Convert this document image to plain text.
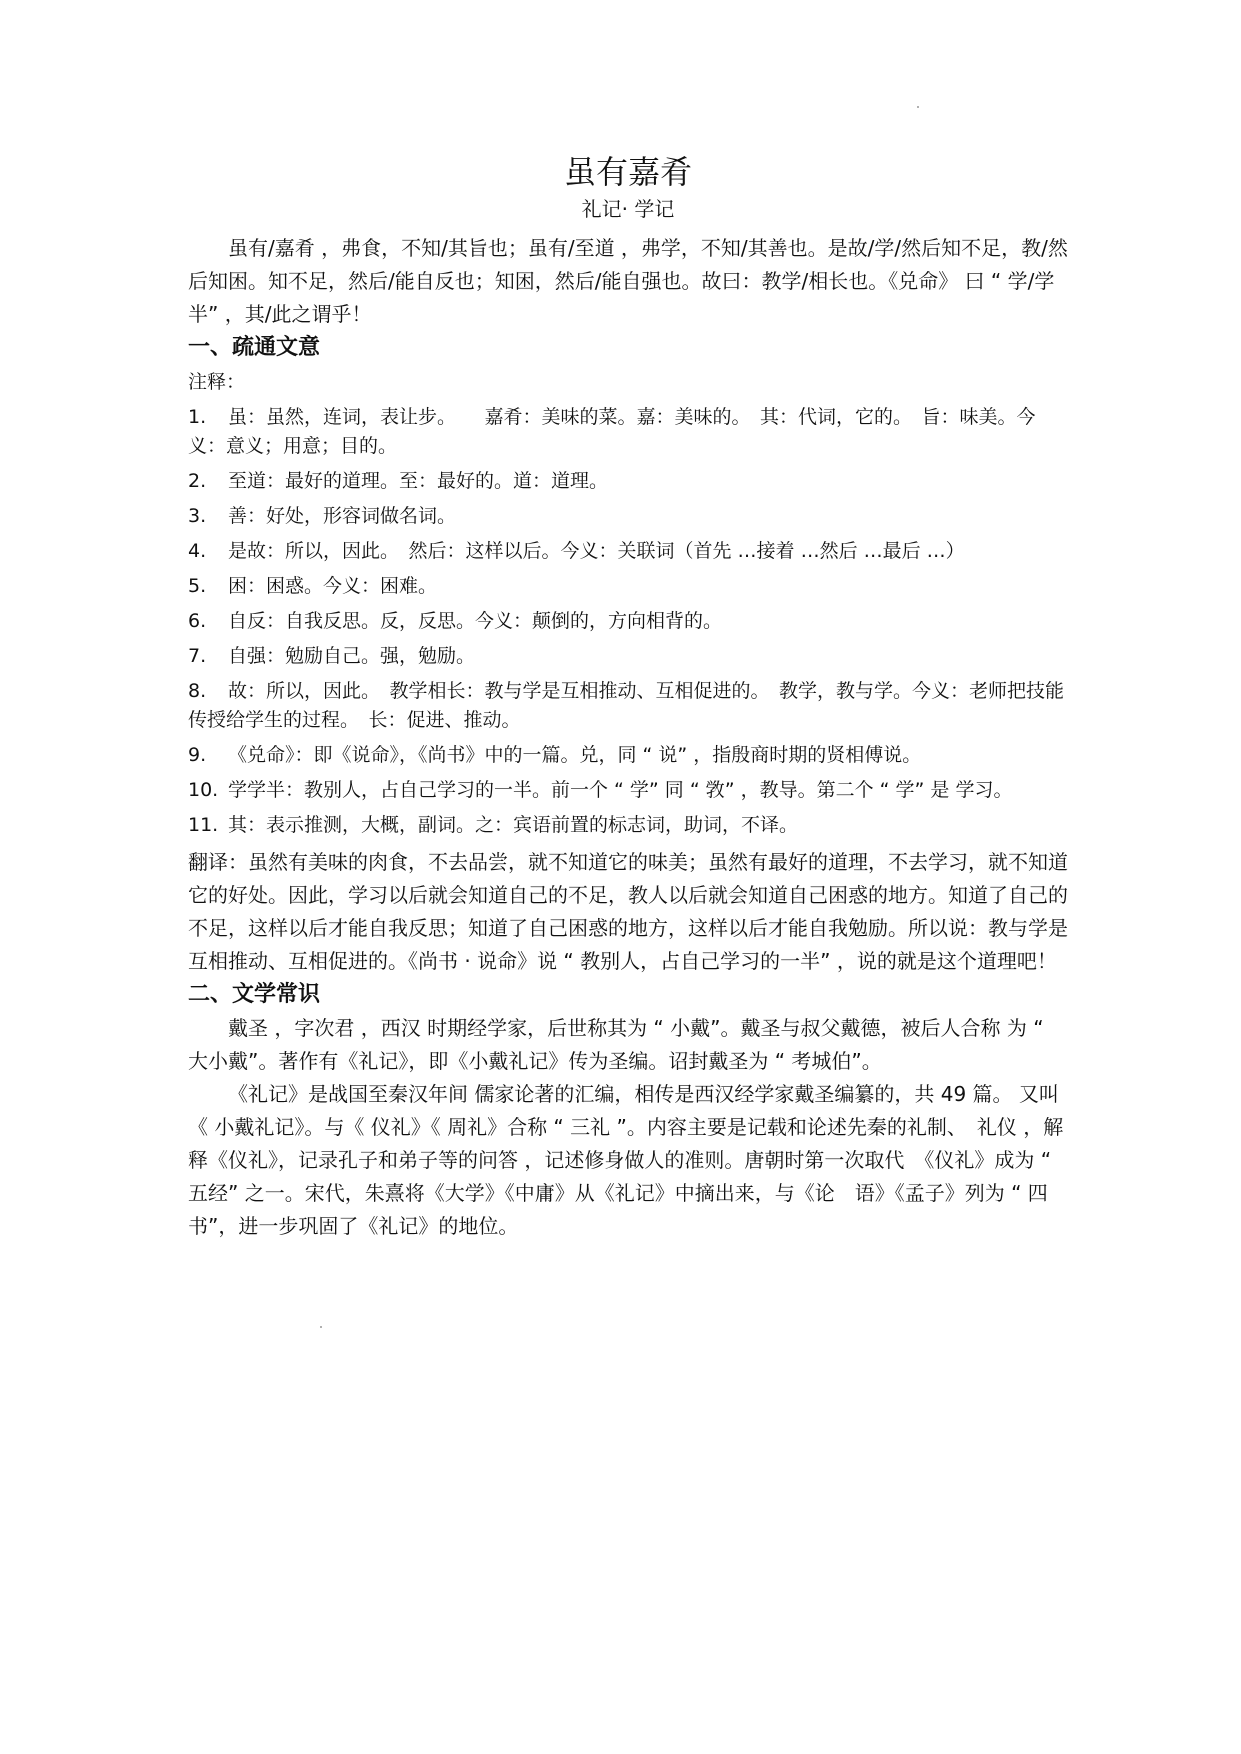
虽有嘉肴
礼记· 学记

虽有/嘉肴 ，弗食，不知/其旨也；虽有/至道 ，弗学，不知/其善也。是故/学/然后知不足，教/然后知困。知不足，然后/能自反也；知困，然后/能自强也。故曰：教学/相长也。《兑命》 曰 “ 学/学半” ，其/此之谓乎！

一、疏通文意
注释：

1. 虽：虽然，连词，表让步。　　嘉肴：美味的菜。嘉：美味的。　其：代词，它的。　旨：味美。今义：意义；用意；目的。

2. 至道：最好的道理。至：最好的。道：道理。

3. 善：好处，形容词做名词。

4. 是故：所以，因此。　然后：这样以后。今义：关联词（首先 …接着 …然后 …最后 …）

5. 困：困惑。今义：困难。

6. 自反：自我反思。反，反思。今义：颠倒的，方向相背的。

7. 自强：勉励自己。强，勉励。

8. 故：所以，因此。　教学相长：教与学是互相推动、互相促进的。　教学，教与学。今义：老师把技能传授给学生的过程。　长：促进、推动。

9. 《兑命》：即《说命》，《尚书》中的一篇。兑，同 “ 说” ，指殷商时期的贤相傅说。

10. 学学半：教别人，占自己学习的一半。前一个 “ 学” 同 “ 敩” ，教导。第二个 “ 学” 是 学习。

11. 其：表示推测，大概，副词。之：宾语前置的标志词，助词，不译。

翻译：虽然有美味的肉食，不去品尝，就不知道它的味美；虽然有最好的道理，不去学习，就不知道它的好处。因此，学习以后就会知道自己的不足，教人以后就会知道自己困惑的地方。知道了自己的不足，这样以后才能自我反思；知道了自己困惑的地方，这样以后才能自我勉励。所以说：教与学是互相推动、互相促进的。《尚书 · 说命》说 “ 教别人，占自己学习的一半” ，说的就是这个道理吧！

二、文学常识

戴圣 ，字次君 ，西汉 时期经学家，后世称其为 “ 小戴”。戴圣与叔父戴德，被后人合称 为 “ 大小戴”。著作有《礼记》，即《小戴礼记》传为圣编。诏封戴圣为 “ 考城伯”。

《礼记》是战国至秦汉年间 儒家论著的汇编，相传是西汉经学家戴圣编纂的，共 49 篇。 又叫《 小戴礼记》。与《 仪礼》《 周礼》合称 “ 三礼 ”。内容主要是记载和论述先秦的礼制、　礼仪 ，解释《仪礼》，记录孔子和弟子等的问答 ，记述修身做人的准则。唐朝时第一次取代　《仪礼》成为 “ 五经” 之一。宋代，朱熹将《大学》《中庸》从《礼记》中摘出来，与《论　语》《孟子》列为 “ 四书”，进一步巩固了《礼记》的地位。
